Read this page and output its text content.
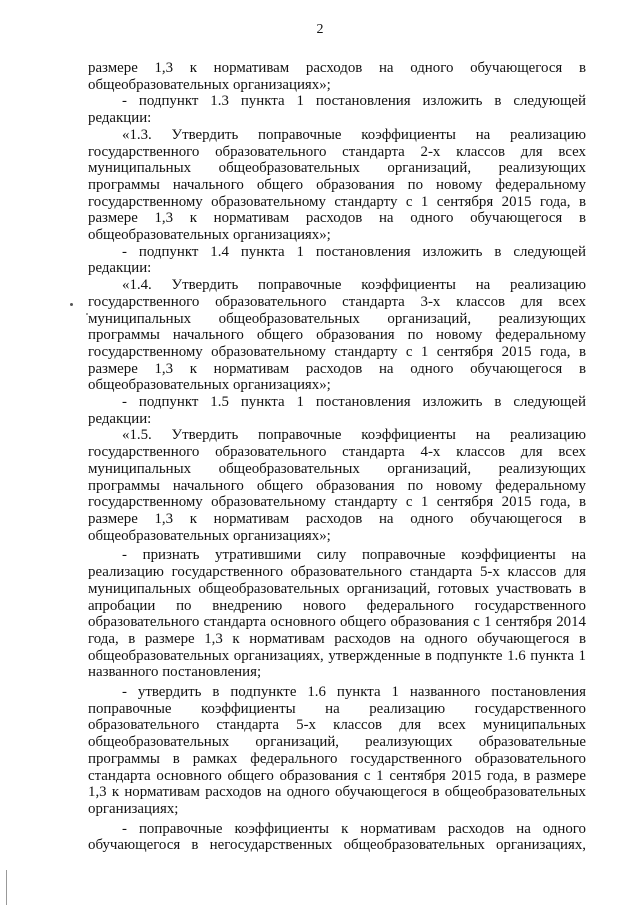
2

размере 1,3 к нормативам расходов на одного обучающегося в общеобразовательных организациях»;

- подпункт 1.3 пункта 1 постановления изложить в следующей редакции:

«1.3. Утвердить поправочные коэффициенты на реализацию государственного образовательного стандарта 2-х классов для всех муниципальных общеобразовательных организаций, реализующих программы начального общего образования по новому федеральному государственному образовательному стандарту с 1 сентября 2015 года, в размере 1,3 к нормативам расходов на одного обучающегося в общеобразовательных организациях»;

- подпункт 1.4 пункта 1 постановления изложить в следующей редакции:

«1.4. Утвердить поправочные коэффициенты на реализацию государственного образовательного стандарта 3-х классов для всех муниципальных общеобразовательных организаций, реализующих программы начального общего образования по новому федеральному государственному образовательному стандарту с 1 сентября 2015 года, в размере 1,3 к нормативам расходов на одного обучающегося в общеобразовательных организациях»;

- подпункт 1.5 пункта 1 постановления изложить в следующей редакции:

«1.5. Утвердить поправочные коэффициенты на реализацию государственного образовательного стандарта 4-х классов для всех муниципальных общеобразовательных организаций, реализующих программы начального общего образования по новому федеральному государственному образовательному стандарту с 1 сентября 2015 года, в размере 1,3 к нормативам расходов на одного обучающегося в общеобразовательных организациях»;

- признать утратившими силу поправочные коэффициенты на реализацию государственного образовательного стандарта 5-х классов для муниципальных общеобразовательных организаций, готовых участвовать в апробации по внедрению нового федерального государственного образовательного стандарта основного общего образования с 1 сентября 2014 года, в размере 1,3 к нормативам расходов на одного обучающегося в общеобразовательных организациях, утвержденные в подпункте 1.6 пункта 1 названного постановления;

- утвердить в подпункте 1.6 пункта 1 названного постановления поправочные коэффициенты на реализацию государственного образовательного стандарта 5-х классов для всех муниципальных общеобразовательных организаций, реализующих образовательные программы в рамках федерального государственного образовательного стандарта основного общего образования с 1 сентября 2015 года, в размере 1,3 к нормативам расходов на одного обучающегося в общеобразовательных организациях;

- поправочные коэффициенты к нормативам расходов на одного обучающегося в негосударственных общеобразовательных организациях,
